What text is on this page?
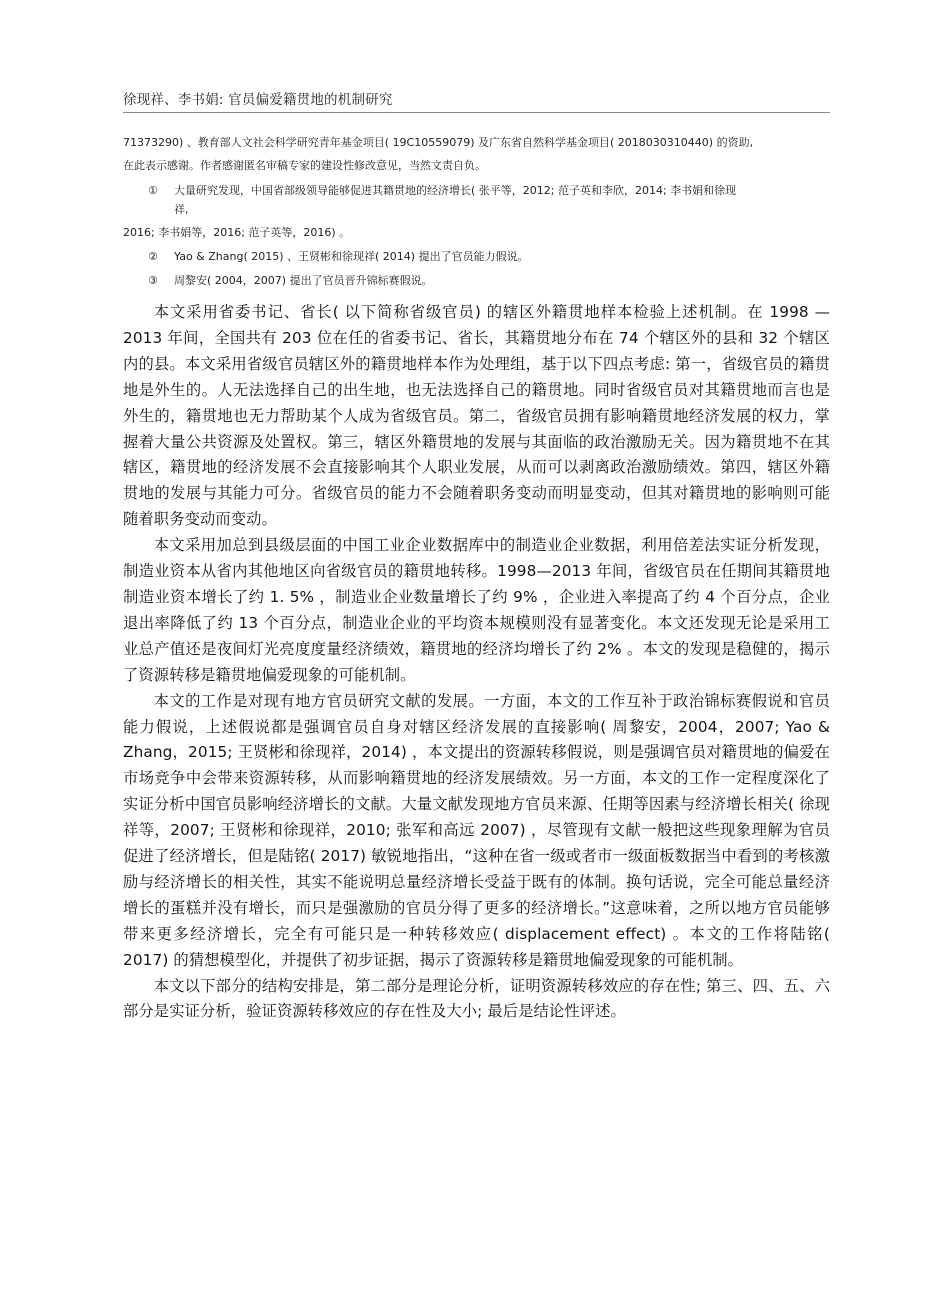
徐现祥、李书娟: 官员偏爱籍贯地的机制研究
71373290) 、教育部人文社会科学研究青年基金项目( 19C10559079) 及广东省自然科学基金项目( 2018030310440) 的资助,
在此表示感谢。作者感谢匿名审稿专家的建设性修改意见，当然文责自负。
① 大量研究发现，中国省部级领导能够促进其籍贯地的经济增长( 张平等，2012; 范子英和李欣，2014; 李书娟和徐现
祥,
2016; 李书娟等，2016; 范子英等，2016) 。
② Yao & Zhang( 2015) 、王贤彬和徐现祥( 2014) 提出了官员能力假说。
③ 周黎安( 2004，2007) 提出了官员晋升锦标赛假说。

本文采用省委书记、省长( 以下简称省级官员) 的辖区外籍贯地样本检验上述机制。在 1998 — 2013 年间，全国共有 203 位在任的省委书记、省长，其籍贯地分布在 74 个辖区外的县和 32 个辖区内的县。本文采用省级官员辖区外的籍贯地样本作为处理组，基于以下四点考虑: 第一，省级官员的籍贯地是外生的。人无法选择自己的出生地，也无法选择自己的籍贯地。同时省级官员对其籍贯地而言也是外生的，籍贯地也无力帮助某个人成为省级官员。第二，省级官员拥有影响籍贯地经济发展的权力，掌握着大量公共资源及处置权。第三，辖区外籍贯地的发展与其面临的政治激励无关。因为籍贯地不在其辖区，籍贯地的经济发展不会直接影响其个人职业发展，从而可以剥离政治激励绩效。第四，辖区外籍贯地的发展与其能力可分。省级官员的能力不会随着职务变动而明显变动，但其对籍贯地的影响则可能随着职务变动而变动。

本文采用加总到县级层面的中国工业企业数据库中的制造业企业数据，利用倍差法实证分析发现，制造业资本从省内其他地区向省级官员的籍贯地转移。1998—2013 年间，省级官员在任期间其籍贯地制造业资本增长了约 1. 5% ，制造业企业数量增长了约 9% ，企业进入率提高了约 4 个百分点，企业退出率降低了约 13 个百分点，制造业企业的平均资本规模则没有显著变化。本文还发现无论是采用工业总产值还是夜间灯光亮度度量经济绩效，籍贯地的经济均增长了约 2% 。本文的发现是稳健的，揭示了资源转移是籍贯地偏爱现象的可能机制。

本文的工作是对现有地方官员研究文献的发展。一方面，本文的工作互补于政治锦标赛假说和官员能力假说，上述假说都是强调官员自身对辖区经济发展的直接影响( 周黎安，2004，2007; Yao & Zhang，2015; 王贤彬和徐现祥，2014) ，本文提出的资源转移假说，则是强调官员对籍贯地的偏爱在市场竞争中会带来资源转移，从而影响籍贯地的经济发展绩效。另一方面，本文的工作一定程度深化了实证分析中国官员影响经济增长的文献。大量文献发现地方官员来源、任期等因素与经济增长相关( 徐现祥等，2007; 王贤彬和徐现祥，2010; 张军和高远 2007) ，尽管现有文献一般把这些现象理解为官员促进了经济增长，但是陆铭( 2017) 敏锐地指出，“这种在省一级或者市一级面板数据当中看到的考核激励与经济增长的相关性，其实不能说明总量经济增长受益于既有的体制。换句话说，完全可能总量经济增长的蛋糕并没有增长，而只是强激励的官员分得了更多的经济增长。”这意味着，之所以地方官员能够带来更多经济增长，完全有可能只是一种转移效应( displacement effect) 。本文的工作将陆铭( 2017) 的猜想模型化，并提供了初步证据，揭示了资源转移是籍贯地偏爱现象的可能机制。

本文以下部分的结构安排是，第二部分是理论分析，证明资源转移效应的存在性; 第三、四、五、六部分是实证分析，验证资源转移效应的存在性及大小; 最后是结论性评述。
